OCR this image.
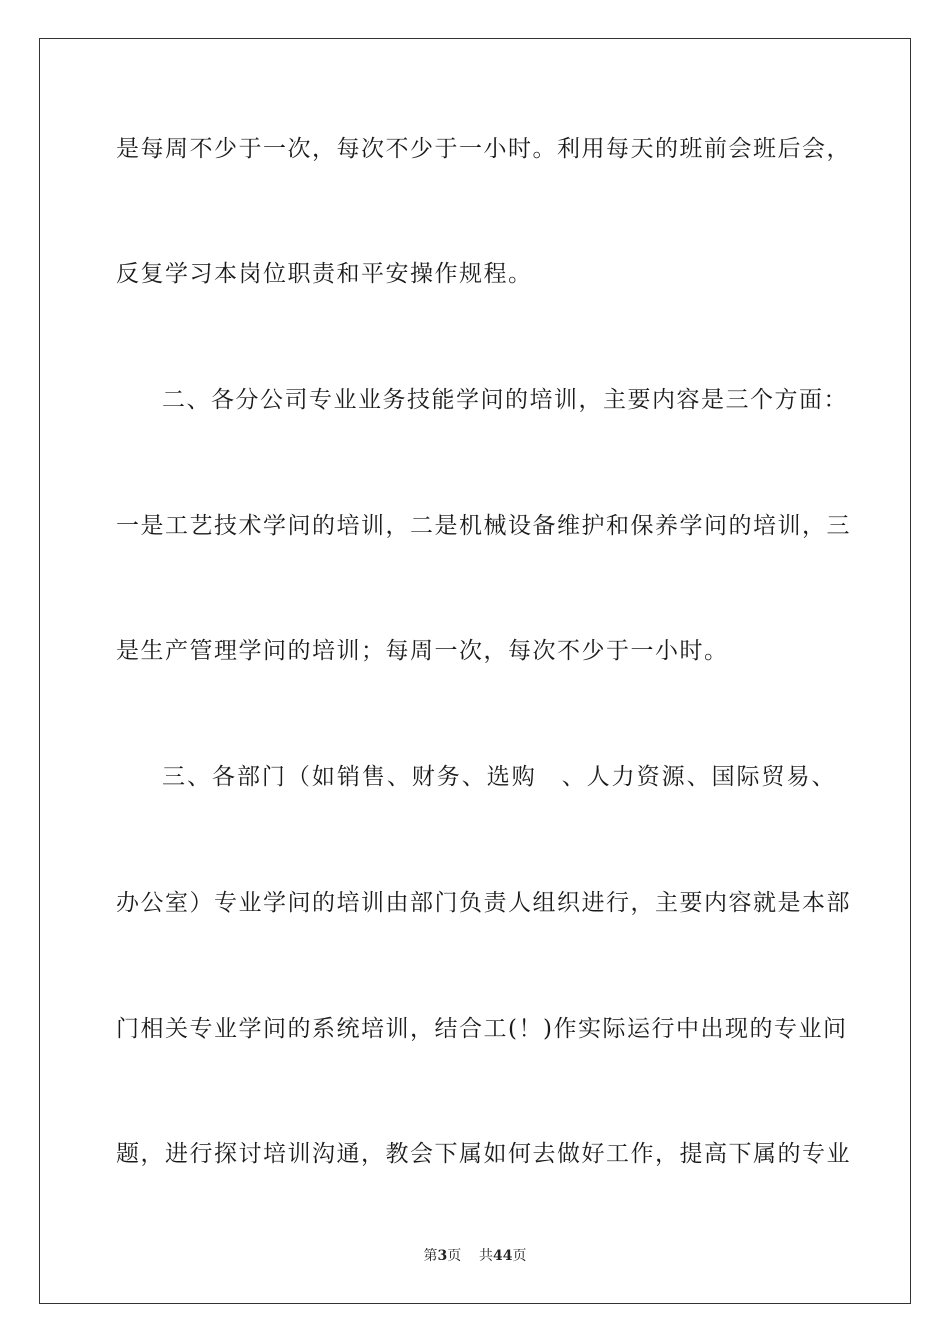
是每周不少于一次，每次不少于一小时。利用每天的班前会班后会，
反复学习本岗位职责和平安操作规程。
二、各分公司专业业务技能学问的培训，主要内容是三个方面：
一是工艺技术学问的培训，二是机械设备维护和保养学问的培训，三
是生产管理学问的培训；每周一次，每次不少于一小时。
三、各部门（如销售、财务、选购　、人力资源、国际贸易、
办公室）专业学问的培训由部门负责人组织进行，主要内容就是本部
门相关专业学问的系统培训，结合工(！)作实际运行中出现的专业问
题，进行探讨培训沟通，教会下属如何去做好工作，提高下属的专业
第3页 共44页
